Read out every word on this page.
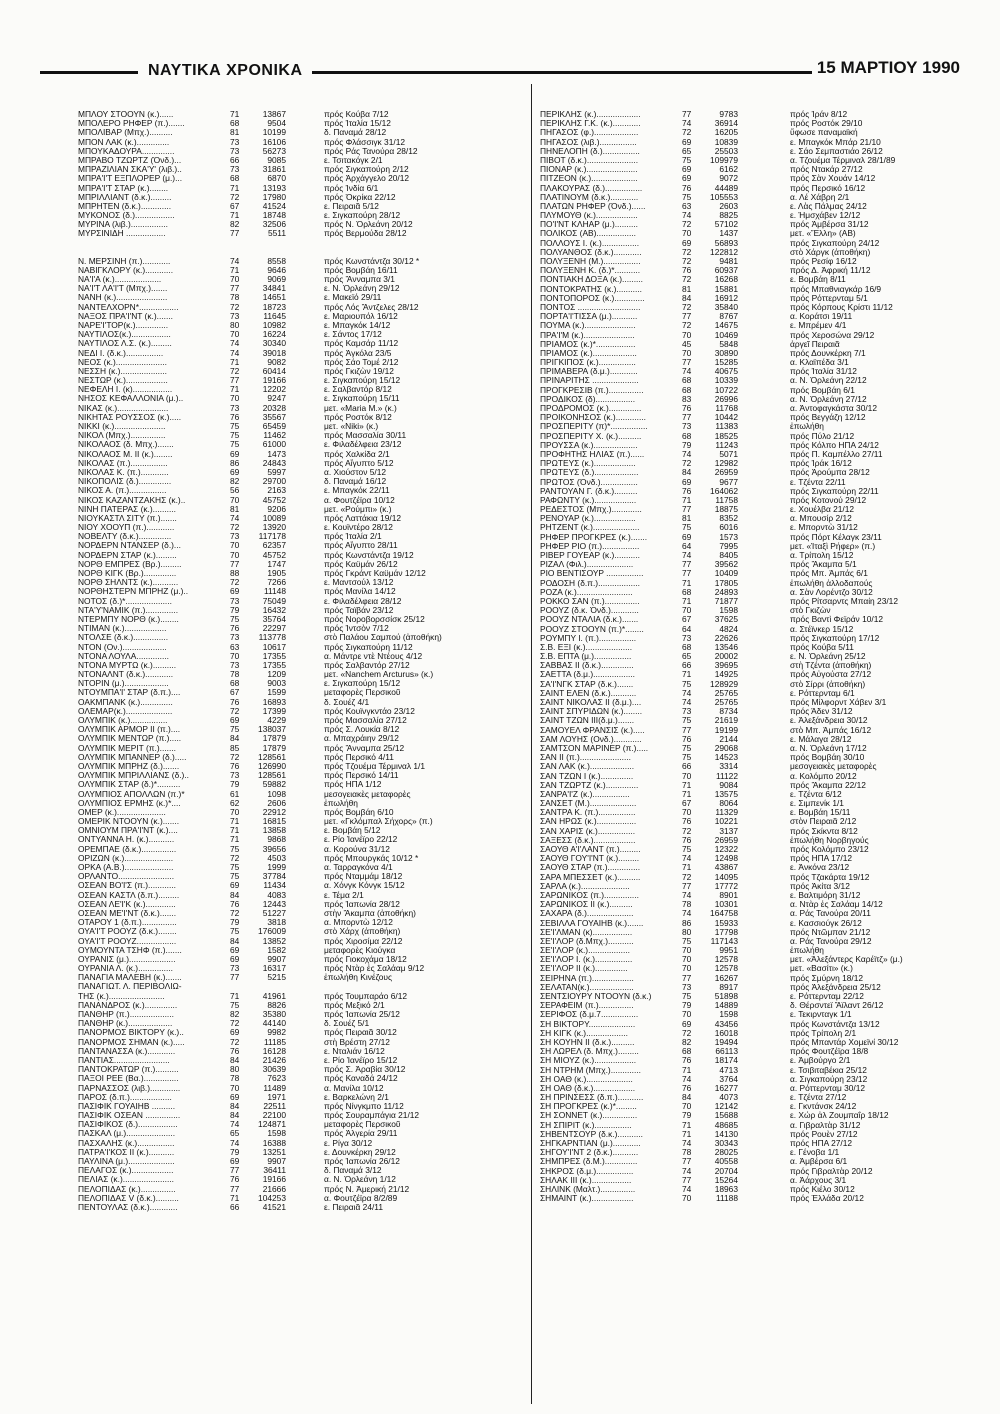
ΝΑΥΤΙΚΑ ΧΡΟΝΙΚΑ	15 ΜΑΡΤΙΟΥ 1990
ΜΠΛΟΥ ΣΤΟΟΥΝ (κ.)......	71	13867	πρός Κούβα 7/12
ΜΠΟΛΕΡΟ ΡΗΦΕΡ (π.).......	68	9504	πρός Ἰταλία 15/12
ΜΠΟΛΙΒΑΡ (Μπχ.)..........	81	10199	δ. Παναμά 28/12
ΜΠΟΝ ΛΑΚ (κ.)..............	73	16106	πρός Φλάσσιγκ 31/12
ΜΠΟΥΚΑΔΟΥΡΑ..............	73	56273	πρός Ράς Τανούρα 28/12
ΜΠΡΑΒΟ ΤΖΩΡΤΖ (Ὀνδ.)...	66	9085	ε. Τσιτακόγκ 2/1
ΜΠΡΑΖΙΛΙΑΝ ΣΚΑ'Υ' (λιβ.)..	73	31861	πρός Σιγκαπούρη 2/12
ΜΠΡΑ'Ι'Τ ΕΞΠΛΟΡΕΡ (μ.)...	68	6870	πρός Ἀρχάγγελο 20/12
ΜΠΡΑ'Ι'Τ ΣΤΑΡ (κ.)........	71	13193	πρός Ἰνδία 6/1
ΜΠΡΙΛΛΙΑΝΤ (δ.κ.).........	72	17980	πρός Ὀκρίκα 22/12
ΜΠΡΗΤΕΝ (δ.κ.).............	67	41524	ε. Πειραιᾶ 5/12
ΜΥΚΟΝΟΣ (δ.).................	71	18748	ε. Σιγκαπούρη 28/12
ΜΥΡΙΝΑ (λιβ.)................	82	32506	πρός Ν. Ὀρλεάνη 20/12
ΜΥΡΣΙΝΙΔΗ .................	77	5511	πρός Βερμούδα 28/12
Ν. ΜΕΡΣΙΝΗ (π.)............	74	8558	πρός Κωνστάντζα 30/12 *
ΝΑΒΙΓΚΛΟΡΥ (κ.)............	71	9646	πρός Βομβάη 16/11
ΝΑ'Ι'Α (κ.)....................	70	9069	πρός Ἄνναμπα 3/1
ΝΑ'Ι'Τ ΛΑ'Ι'Τ (Μπχ.).......	77	34841	ε. Ν. Ὀρλεάνη 29/12
ΝΑΝΗ (κ.)......................	78	14651	ε. Μακεϊό 29/11
ΝΑΝΤΕΛΧΟΡΝ*.................	72	18723	πρός Λός Ἄντζελες 28/12
ΝΑΞΟΣ ΠΡΑ'Ι'ΝΤ (κ.).......	73	11645	ε. Μαριουπόλ 16/12
ΝΑΡΕ'Ι'ΤΟΡ(κ.)..............	80	10982	ε. Μπαγκόκ 14/12
ΝΑΥΤΙΛΟΣ(κ.).................	70	16224	ε. Σάντος 17/12
ΝΑΥΤΙΛΟΣ Λ.Σ. (κ.).........	74	30340	πρός Καμσάρ 11/12
ΝΕΔΙ Ι. (δ.κ.)................	74	39018	πρός Ἀγκόλα 23/5
ΝΕΟΣ (κ.)......................	71	9082	πρός Σάο Τομέ 2/12
ΝΕΣΣΗ (κ.)....................	72	60414	πρός Γκιζὼν 19/12
ΝΕΣΤΩΡ (κ.)..................	77	19166	ε. Σιγκαπούρη 15/12
ΝΕΦΕΛΗ Ι. (κ).................	71	12202	ε. Σαλβαντόρ 8/12
ΝΗΣΟΣ ΚΕΦΑΛΛΟΝΙΑ (μ.)..	70	9247	ε. Σιγκαπούρη 15/11
ΝΙΚΑΣ (κ.)......................	73	20328	μετ. «Maria M.» (κ.)
ΝΙΚΗΤΑΣ ΡΟΥΣΣΟΣ (κ.).....	76	35567	πρός Ροστόκ 8/12
ΝΙΚΚΙ (κ.)......................	75	65459	μετ. «Niki» (κ.)
ΝΙΚΟΛ (Μπχ.)...............	75	11462	πρός Μασσαλία 30/11
ΝΙΚΟΛΑΟΣ (δ. Μπχ.).......	75	61000	ε. Φιλαδέλφεια 23/12
ΝΙΚΟΛΑΟΣ Μ. ΙΙ (κ.)........	69	1473	πρός Χαλκίδα 2/1
ΝΙΚΟΛΑΣ (π.)................	86	24843	πρός Αἴγυπτο 5/12
ΝΙΚΟΛΑΣ Κ. (π.)............	69	5997	α. Χιούστον 5/12
ΝΙΚΟΠΟΛΙΣ (δ.)..............	82	29700	δ. Παναμά 16/12
ΝΙΚΟΣ Α. (π.)................	56	2163	ε. Μπαγκόκ 22/11
ΝΙΚΟΣ ΚΑΖΑΝΤΖΑΚΗΣ (κ.)..	70	45752	α. Φουτζέϊρα 10/12
ΝΙΝΗ ΠΑΤΕΡΑΣ (κ.)..........	81	9206	μετ. «Ρούμπι» (κ.)
ΝΙΟΥΚΑΣΤΛ ΣΙΤΥ (π.).......	74	10089	πρός Λαττάκια 19/12
ΝΙΟΥ ΧΟΟΥΠ (π.)............	72	13920	ε. Κουϊντέρο 28/12
ΝΟΒΕΛΤΥ (δ.κ.)..............	73	117178	πρός Ἰταλία 2/1
ΝΟΡΔΕΡΝ ΝΤΑΝΣΕΡ (δ.)...	70	62357	πρός Αἴγυπτο 28/11
ΝΟΡΔΕΡΝ ΣΤΑΡ (κ.).........	70	45752	πρός Κωνστάντζα 19/12
ΝΟΡΘ ΕΜΠΡΕΣ (Βρ.).........	77	1747	πρός Καϋμάν 26/12
ΝΟΡΘ ΚΙΓΚ (Βρ.)..............	88	1905	πρός Γκράντ Καϋμάν 12/12
ΝΟΡΘ ΣΗΛΝΤΣ (κ.)...........	72	7266	ε. Μαντσούλ 13/12
ΝΟΡΘΗΣΤΕΡΝ ΜΠΡΗΖ (μ.)..	69	11148	πρός Μανίλα 14/12
ΝΟΤΟΣ (δ.)*....................	73	75049	ε. Φιλαδέλφεια 28/12
ΝΤΑ'Υ'ΝΑΜΙΚ (π.)..............	79	16432	πρός Ταϊβάν 23/12
ΝΤΕΡΜΠΥ ΝΟΡΘ (κ.)........	75	35764	πρός Νοροβορσσίσκ 25/12
ΝΤΙΜΑΝ (κ.)..................	76	22297	πρός Ἰντσὸν 7/12
ΝΤΟΛΣΕ (δ.κ.)...............	73	113778	στὸ Παλάου Σαμπού (ἀποθήκη)
ΝΤΟΝ (Ον.)...................	63	10617	πρός Σιγκαπούρη 11/12
ΝΤΟΝΑ ΛΟΥΛΑ..............	70	17355	α. Μάντρε ντὲ Ντέους 4/12
ΝΤΟΝΑ ΜΥΡΤΩ (κ.)..........	73	17355	πρός Σαλβαντόρ 27/12
ΝΤΟΝΑΛΝΤ (δ.κ.)............	78	1209	μετ. «Nanchem Arcturus» (κ.)
ΝΤΟΡΙΝ (μ.)...................	68	9003	ε. Σιγκαπούρη 15/12
ΝΤΟΥΜΠΑ'Ι' ΣΤΑΡ (δ.π.)....	67	1599	μεταφορὲς Περσικοῦ
ΟΑΚΜΠΑΝΚ (κ.)..............	76	16893	δ. Σουέζ 4/1
ΟΛΕΜΑΡ(κ.)....................	72	17399	πρός Κουϊνγκντάο 23/12
ΟΛΥΜΠΙΚ (κ.)................	69	4229	πρός Μασσαλία 27/12
ΟΛΥΜΠΙΚ ΑΡΜΟΡ ΙΙ (π.)....	75	138037	πρός Σ. Λουκία 8/12
ΟΛΥΜΠΙΚ ΜΕΝΤΩΡ (π.).....	84	17879	α. Μπαχράιην 29/12
ΟΛΥΜΠΙΚ ΜΕΡΙΤ (π.).......	85	17879	πρός Ἄνναμπα 25/12
ΟΛΥΜΠΙΚ ΜΠΑΝΝΕΡ (δ.).....	72	128561	πρός Περσικό 4/11
ΟΛΥΜΠΙΚ ΜΠΡΗΖ (δ.).......	76	126990	πρός Τζουέμα Τέρμιναλ 1/1
ΟΛΥΜΠΙΚ ΜΠΡΙΛΛΙΑΝΣ (δ.)..	73	128561	πρός Περσικό 14/11
ΟΛΥΜΠΙΚ ΣΤΑΡ (δ.)*..........	79	59882	πρός ΗΠΑ 1/12
ΟΛΥΜΠΙΟΣ ΑΠΟΛΛΩΝ (π.)*	61	1098	μεσογειακὲς μεταφορὲς
ΟΛΥΜΠΙΟΣ ΕΡΜΗΣ (κ.)*....	62	2606	ἐπωλήθη
ΟΜΕΡ (κ.).....................	70	22912	πρός Βομβάη 6/10
ΟΜΕΡΙΚ ΝΤΟΟΥΝ (κ.).......	71	16815	μετ. «Γκλόμπαλ Σήχορς» (π.)
ΟΜΝΙΟΥΜ ΠΡΑ'Ι'ΝΤ (κ.)....	71	13858	ε. Βομβάη 5/12
ΟΝΤΥΑΝΝΑ Η. (κ.)...........	71	9868	ε. Ρίο Ἰανέϊρο 22/12
ΟΡΕΜΠΑΕ (δ.κ.)...............	75	39656	α. Κορούνα 31/12
ΟΡΙΖΩΝ (κ.).....................	72	4503	πρός Μπουργκάς 10/12 *
ΟΡΚΑ (Α.Β.).....................	75	1999	α. Ταρραγκόνα 4/1
ΟΡΛΑΝΤΟ........................	75	37784	πρός Νταμμάμ 18/12
ΟΣΕΑΝ ΒΟ'Ι'Σ (π.)............	69	11434	α. Χόνγκ Κόνγκ 15/12
ΟΣΕΑΝ ΚΑΣΤΛ (δ.π.).........	84	4083	ε. Τέμα 2/1
ΟΣΕΑΝ ΛΕ'Ι'Κ (κ.).............	76	12443	πρός Ἰαπωνία 28/12
ΟΣΕΑΝ ΜΕ'Ι'ΝΤ (δ.κ.).......	72	51227	στὴν Ἄκαμπα (ἀποθήκη)
ΟΤΑΡΟΥ 1 (δ.π.)...............	79	3818	α. Μπορντὼ 12/12
ΟΥΑ'Ι'Τ ΡΟΟΥΖ (δ.κ.)........	75	176009	στὸ Χάρχ (ἀποθήκη)
ΟΥΑ'Ι'Τ ΡΟΟΥΖ.................	84	13852	πρός Χιροσίμα 22/12
ΟΥΜΟΥΝΤΑ ΤΣΗΦ (π.).......	69	1582	μεταφορὲς Κιούγκα
ΟΥΡΑΝΙΣ (μ.)....................	69	9907	πρός Γιοκοχάμα 18/12
ΟΥΡΑΝΙΑ Λ. (κ.)...............	73	16317	πρός Ντὰρ ἐς Σαλάαμ 9/12
ΠΑΝΑΓΙΑ ΜΑΛΕΒΗ (κ.).......	77	5215	ἐπωλήθη Κινέζους
ΠΑΝΑΓΙΩΤ. Λ. ΠΕΡΙΒΟΛΙΩ-
ΤΗΣ (κ.)........................	71	41961	πρός Τουμπαράο 6/12
ΠΑΝΑΝΔΡΟΣ (κ.)..............	75	8826	πρός Μεξικό 2/1
ΠΑΝΘΗΡ (π.)...................	82	35380	πρός Ἰαπωνία 25/12
ΠΑΝΘΗΡ (κ.)...................	72	44140	δ. Σουέζ 5/1
ΠΑΝΟΡΜΟΣ ΒΙΚΤΟΡΥ (κ.)..	69	9982	πρός Πειραιᾶ 30/12
ΠΑΝΟΡΜΟΣ ΣΗΜΑΝ (κ.).....	72	11185	στὴ Βρέστη 27/12
ΠΑΝΤΑΝΑΣΣΑ (κ.)............	76	16128	ε. Νταλιάν 16/12
ΠΑΝΤΙΑΣ........................	84	21426	ε. Ρίο Ἰανέϊρο 15/12
ΠΑΝΤΟΚΡΑΤΩΡ (π.)..........	80	30639	πρός Σ. Ἀραβία 30/12
ΠΑΞΟΙ ΡΕΕ (Βα.)...............	78	7623	πρός Καναδά 24/12
ΠΑΡΝΑΣΣΟΣ (λιβ.).............	70	11489	α. Μανίλα 10/12
ΠΑΡΟΣ (δ.π.)..................	69	1971	ε. Βαρκελώνη 2/1
ΠΑΣΙΦΙΚ ΓΟΥΑΙΗΒ ..........	84	22511	πρός Νίνγκμπο 11/12
ΠΑΣΙΦΙΚ ΟΣΕΑΝ ...............	84	22100	πρός Σουραμπάγια 21/12
ΠΑΣΙΦΙΚΟΣ (δ.).................	74	124871	μεταφορὲς Περσικοῦ
ΠΑΣΚΑΛ (μ.).....................	65	1598	πρός Ἀλγερία 29/11
ΠΑΣΧΑΛΗΣ (κ.)................	74	16388	ε. Ρίγα 30/12
ΠΑΤΡΑ'Ι'ΚΟΣ ΙΙ (κ.)...........	79	13251	ε. Δουνκέρκη 29/12
ΠΑΥΛΙΝΑ (μ.)....................	69	9907	πρός Ἰαπωνία 26/12
ΠΕΛΑΓΟΣ (κ.)..................	77	36411	δ. Παναμά 3/12
ΠΕΛΙΑΣ (κ.)......................	76	19166	α. Ν. Ὀρλεάνη 1/12
ΠΕΛΟΠΙΔΑΣ (κ.)...............	77	21666	πρός Ν. Ἀμερική 21/12
ΠΕΛΟΠΙΔΑΣ V (δ.κ.)..........	71	104253	α. Φουτζέϊρα 8/2/89
ΠΕΝΤΟΥΛΑΣ (δ.κ.)............	66	41521	ε. Πειραιᾶ 24/11
ΠΕΡΙΚΛΗΣ (κ.)...................	77	9783	πρός Ἰράν 8/12
ΠΕΡΙΚΛΗΣ Γ.Κ. (κ.)............	74	36914	πρός Ροστόκ 29/10
ΠΗΓΑΣΟΣ (φ.)...................	72	16205	ὕφωσε παναμαϊκή
ΠΗΓΑΣΟΣ (λιβ.)................	69	10839	ε. Μπαγκόκ Μπάρ 21/10
ΠΗΝΕΛΟΠΗ (δ.)................	65	25503	ε. Σάο Σεμπαστιάο 26/12
ΠΙΒΟΤ (δ.κ.)......................	75	109979	α. Τζουέμα Τέρμιναλ 28/1/89
ΠΙΟΝΑΡ (κ.)......................	69	6162	πρός Ντακάρ 27/12
ΠΙΤΖΕΟΝ (κ.)....................	69	9072	πρός Σὰν Χουάν 14/12
ΠΛΑΚΟΥΡΑΣ (δ.)................	76	44489	πρός Περσικό 16/12
ΠΛΑΤΙΝΟΥΜ (δ.κ.)............	75	105553	α. Λέ Χάβρη 2/1
ΠΛΑΤΩΝ ΡΗΦΕΡ (Ὀνδ.)......	63	2603	ε. Λὰς Πάλμας 24/12
ΠΛΥΜΟΥΘ (κ.)..................	74	8825	ε. Ἠμσχάβεν 12/12
ΠΟ'Ι'ΝΤ ΚΛΗΑΡ (μ.)..........	72	57102	πρός Ἀμβέρσα 31/12
ΠΟΛΙΚΟΣ (ΑΒ).................	70	1437	μετ. «Ἕλλη» (ΑΒ)
ΠΟΛΛΟΥΣ Ι. (κ.)................	69	56893	πρός Σιγκαπούρη 24/12
ΠΟΛΥΑΝΘΟΣ (δ.κ.)............	72	122812	στὸ Χάργκ (ἀποθήκη)
ΠΟΛΥΞΕΝΗ (Μ.)................	72	9481	πρός Ρεσίφ 16/12
ΠΟΛΥΞΕΝΗ Κ. (δ.)*...........	76	60937	πρός Δ. Ἀφρική 11/12
ΠΟΝΤΙΑΚΗ ΔΟΞΑ (κ.).........	72	16268	ε. Βομβάη 8/11
ΠΟΝΤΟΚΡΑΤΗΣ (κ.)...........	81	15881	πρός Μπαθνιαγκάρ 16/9
ΠΟΝΤΟΠΟΡΟΣ (κ.).............	84	16912	πρός Ρόττερνταμ 5/1
ΠΟΝΤΟΣ ...........................	72	35840	πρός Κόρπους Κρίστι 11/12
ΠΟΡΤΑ'Ι'ΤΙΣΣΑ (μ.)...........	77	8767	α. Κοράτσι 19/11
ΠΟΥΜΑ (κ.)......................	72	14675	ε. Μπρέμεν 4/1
ΠΡΑ'Ι'Μ (κ.)......................	70	10469	πρός Χεροσώνα 29/12
ΠΡΙΑΜΟΣ (κ.)*.................	45	5848	ἀργεῖ Πειραιᾶ
ΠΡΙΑΜΟΣ (κ.)...................	70	30890	πρός Δουνκέρκη 7/1
ΠΡΙΓΚΙΠΟΣ (κ.)................	77	15285	α. Κλαϊπέδα 3/1
ΠΡΙΜΑΒΕΡΑ (δ.μ.)............	74	40675	πρός Ἰταλία 31/12
ΠΡΙΝΑΡΙΤΗΣ ....................	68	10339	α. Ν. Ὀρλεάνη 22/12
ΠΡΟΓΚΡΕΣΙΒ (π.)...............	68	10722	πρός Βομβάη 6/1
ΠΡΟΔΙΚΟΣ (δ).................	83	26996	α. Ν. Ὀρλεάνη 27/12
ΠΡΟΔΡΟΜΟΣ (κ.)..............	76	11768	α. Ἀντοφαγκάστα 30/12
ΠΡΟΙΚΟΝΗΣΟΣ (κ.).............	77	10442	πρός Βεγγάζη 12/12
ΠΡΟΣΠΕΡΙΤΥ (π)*................	73	11383	ἐπωλήθη
ΠΡΟΣΠΕΡΙΤΥ Χ. (κ.)..........	68	18525	πρός Πύλο 21/12
ΠΡΟΥΣΣΑ (κ.)...................	79	11243	πρός Κόλπο ΗΠΑ 24/12
ΠΡΟΦΗΤΗΣ ΗΛΙΑΣ (π.)......	74	5071	πρός Π. Καμπέλλο 27/11
ΠΡΩΤΕΥΣ (κ.)..................	72	12982	πρός Ἰράκ 16/12
ΠΡΩΤΕΥΣ (δ.)...................	84	26959	πρός Ἀρούμπα 28/12
ΠΡΩΤΟΣ (Ὀνδ.)................	69	9677	ε. Τζέντα 22/11
ΡΑΝΤΟΥΑΝ Γ. (δ.κ.)..........	76	164062	πρός Σιγκαπούρη 22/11
ΡΑΦΩΝΤΥ (κ.)..................	71	11758	πρός Κοτονού 29/12
ΡΕΔΕΣΤΟΣ (Μπχ.).............	77	18875	ε. Χουέλβα 21/12
ΡΕΝΟΥΑΡ (κ.)..................	81	8352	α. Μπουσίρ 2/12
ΡΗΤΖΕΝΤ (κ.)....................	75	6016	ε. Μπορντὼ 31/12
ΡΗΦΕΡ ΠΡΟΓΚΡΕΣ (κ.).......	69	1573	πρός Πόρτ Κέλαγκ 23/11
ΡΗΦΕΡ ΡΙΟ (π.)................	64	7995	μετ. «Ἰταξὶ Ρήφερ» (π.)
ΡΙΒΕΡ ΓΟΥΕΑΡ (κ.)...........	74	8405	α. Τρίπολη 15/12
ΡΙΖΑΛ (Φιλ.)....................	77	39562	πρός Ἄκαμπα 5/1
ΡΙΟ ΒΕΝΤΙΣΟΥΡ ................	77	10409	πρός Μπ. Ἀμπάς 6/1
ΡΟΔΟΣΗ (δ.π.)..................	71	17805	ἐπωλήθη ἀλλοδαπούς
ΡΟΖΑ (κ.)........................	68	24893	α. Σὰν Λορέντζο 30/12
ΡΟΚΚΟ ΣΑΝ (π.)...............	71	71877	πρός Ρίτσαρντς Μπαίη 23/12
ΡΟΟΥΖ (δ.κ. Ὀνδ.)............	70	1598	στὸ Γκιζὼν
ΡΟΟΥΖ ΝΤΑΛΙΑ (δ.κ.).......	67	37625	πρός Βαντὶ Φεϊράν 10/12
ΡΟΟΥΖ ΣΤΟΟΥΝ (π.)*........	64	4824	α. Στέϊνκερ 15/12
ΡΟΥΜΠΥ Ι. (π.)................	73	22626	πρός Σιγκαπούρη 17/12
Σ.Β. ΕΞΙ (κ.)....................	68	13546	πρός Κούβα 5/11
Σ.Β. ΕΠΤΑ (μ.)................	65	20002	ε. Ν. Ὀρλεάνη 25/12
ΣΑΒΒΑΣ ΙΙ (δ.κ.)..............	66	39695	στὴ Τζέντα (ἀποθήκη)
ΣΑΕΤΤΑ (δ.μ.)..................	71	14925	πρός Αὐγούστα 27/12
ΣΑ'Ι'ΝΓΚ ΣΤΑΡ (δ.κ.).......	75	128929	στὸ Σίρρι (ἀποθήκη)
ΣΑΙΝΤ ΕΛΕΝ (δ.κ.)...........	74	25765	ε. Ρόττερνταμ 6/1
ΣΑΙΝΤ ΝΙΚΟΛΑΣ ΙΙ (δ.μ.)....	74	25765	πρός Μίλφορντ Χάβεν 3/1
ΣΑΙΝΤ ΣΠΥΡΙΔΩΝ (κ.)........	73	8734	πρός Άδεν 31/12
ΣΑΙΝΤ ΤΖΩΝ ΙΙΙ(δ.μ.).......	75	21619	ε. Ἀλεξάνδρεια 30/12
ΣΑΜΟΥΕΛ ΦΡΑΝΣΙΣ (κ.).....	77	19199	στὸ Μπ. Ἀμπάς 16/12
ΣΑΜ ΛΟΥΗΣ (Ονδ.)............	76	2144	ε. Μάλαγα 28/12
ΣΑΜΤΣΟΝ ΜΑΡΙΝΕΡ (π.).....	75	29068	α. Ν. Ὀρλεάνη 17/12
ΣΑΝ ΙΙ (π.)......................	75	14523	πρός Βομβάη 30/10
ΣΑΝ ΛΑΚ (κ.)...................	66	3314	μεσογειακὲς μεταφορὲς
ΣΑΝ ΤΖΩΝ Ι (κ.)..............	70	11122	α. Κολόμπο 20/12
ΣΑΝ ΤΖΩΡΤΖ (κ.)..............	71	9084	πρός Ἄκαμπα 22/12
ΣΑΝΡΑ'Ι'Ζ (κ.)................	71	13575	ε. Τζέντα 6/12
ΣΑΝΣΕΤ (Μ.)....................	67	8064	ε. Σιμπενίκ 1/1
ΣΑΝΤΡΑ Κ. (π.)................	70	11329	ε. Βομβάη 15/11
ΣΑΝ ΗΡΩΣ (κ.).................	76	10221	στὸν Πειραιᾶ 2/12
ΣΑΝ ΧΑΡΙΣ (κ.)................	72	3137	πρός Σκίκντα 8/12
ΣΑΞΕΣΣ (δ.κ.)..................	76	26959	ἐπωλήθη Νορβηγούς
ΣΑΟΥΘ Α'Ι'ΛΑΝΤ (π.).........	75	12322	πρός Κολόμπο 23/12
ΣΑΟΥΘ ΓΟΥ'Ι'ΝΤ (κ.).........	74	12498	πρός ΗΠΑ 17/12
ΣΑΟΥΘ ΣΤΑΡ (π.)..............	71	43867	ε. Ἀνκόνα 23/12
ΣΑΡΑ ΜΠΕΣΣΕΤ (κ.)..........	72	14095	πρός Τζακάρτα 19/12
ΣΑΡΛΑ (κ.).....................	77	17772	πρός Ἀκίτα 3/12
ΣΑΡΩΝΙΚΟΣ (π.)...............	74	8901	ε. Βαλτιμόρη 31/12
ΣΑΡΩΝΙΚΟΣ ΙΙ (κ.)..........	78	10301	α. Ντὰρ ἐς Σαλάαμ 14/12
ΣΑΧΑΡΑ (δ.)....................	74	164758	α. Ράς Τανούρα 20/11
ΣΕΒΙΛΛΑ ΓΟΥΑΙΗΒ (κ.).......	86	15933	ε. Κασσιούγκ 26/12
ΣΕ'Ι'ΛΜΑΝ (κ).................	80	17798	πρός Ντῶμπαν 21/12
ΣΕ'Ι'ΛΟΡ (δ.Μπχ.)...........	75	117143	α. Ράς Τανούρα 29/12
ΣΕ'Ι'ΛΟΡ (κ.)..................	70	9951	ἐπωλήθη
ΣΕ'Ι'ΛΟΡ Ι. (κ.)................	70	12578	μετ. «Ἀλεξάντερς Καρέϊτζ» (μ.)
ΣΕ'Ι'ΛΟΡ ΙΙ (κ.)..............	70	12578	μετ. «Βασίτι» (κ.)
ΣΕΙΡΗΝΑ (π.)..................	77	16267	πρός Σμύρνη 18/12
ΣΕΛΑΤΑΝ(κ.)...................	73	8917	πρός Ἀλεξάνδρεια 25/12
ΣΕΝΤΣΙΟΥΡΥ ΝΤΟΟΥΝ (δ.κ.)	75	51898	ε. Ρόττερνταμ 22/12
ΣΕΡΑΦΕΙΜ (π.)...............	79	14889	δ. Θέρσντεϊ Ἄϊλαντ 26/12
ΣΕΡΙΦΟΣ (δ.μ.7................	70	1598	ε. Τεκιρνταγκ 1/1
ΣΗ ΒΙΚΤΟΡΥ....................	69	43456	πρός Κωνστάντζα 13/12
ΣΗ ΚΙΓΚ (κ.)..................	72	16018	πρός Τρίπολη 2/1
ΣΗ ΚΟΥΗΝ ΙΙ (δ.κ.)..........	82	19494	πρός Μπαντάρ Χομεϊνί 30/12
ΣΗ ΛΩΡΕΛ (δ. Μπχ.).........	68	66113	πρός Φουτζέϊρα 18/8
ΣΗ ΜΙΟΥΖ (κ.)..................	76	18174	ε. Ἀμβούργο 2/1
ΣΗ ΝΤΡΗΜ (Μπχ.).............	71	4713	ε. Τσιβιταβέκια 25/12
ΣΗ ΟΑΘ (κ.)....................	74	3764	α. Σιγκαπούρη 23/12
ΣΗ ΟΑΘ (δ.κ.)..................	76	16277	α. Ρόττερνταμ 30/12
ΣΗ ΠΡΙΝΣΕΣΣ (δ.π.)...........	84	4073	ε. Τζέντα 27/12
ΣΗ ΠΡΟΓΚΡΕΣ (κ.)*.........	70	12142	ε. Γκντάνσκ 24/12
ΣΗ ΣΟΝΝΕΤ (κ.)...............	79	15688	ε. Χώρ ἀλ Ζουμπαΐρ 18/12
ΣΗ ΣΠΙΡΙΤ (κ.)................	71	48685	α. Γιβραλτὰρ 31/12
ΣΗΒΕΝΤΣΟΥΡ (δ.κ.)...........	71	14130	πρός Ρουὲν 27/12
ΣΗΓΚΑΡΝΤΙΑΝ (μ.)............	74	30343	πρός ΗΠΑ 27/12
ΣΗΓΟΥ'Ι'ΝΤ 2 (δ.κ.)...........	78	28025	ε. Γένοβα 1/1
ΣΗΜΠΡΕΣ (δ.Μ.)..............	77	40558	α. Ἀμβέρσα 6/1
ΣΗΚΡΟΣ (δ.μ.)................	74	20704	πρός Γιβραλτὰρ 20/12
ΣΗΛΑΚ ΙΙΙ (κ.).................	77	15264	α. Ἀάρχους 3/1
ΣΗΛΙΝΚ (Μαλτ.)...............	74	18963	πρός Κιέλο 30/12
ΣΗΜΑΙΝΤ (κ.)..................	70	11188	πρός Ἑλλάδα 20/12
